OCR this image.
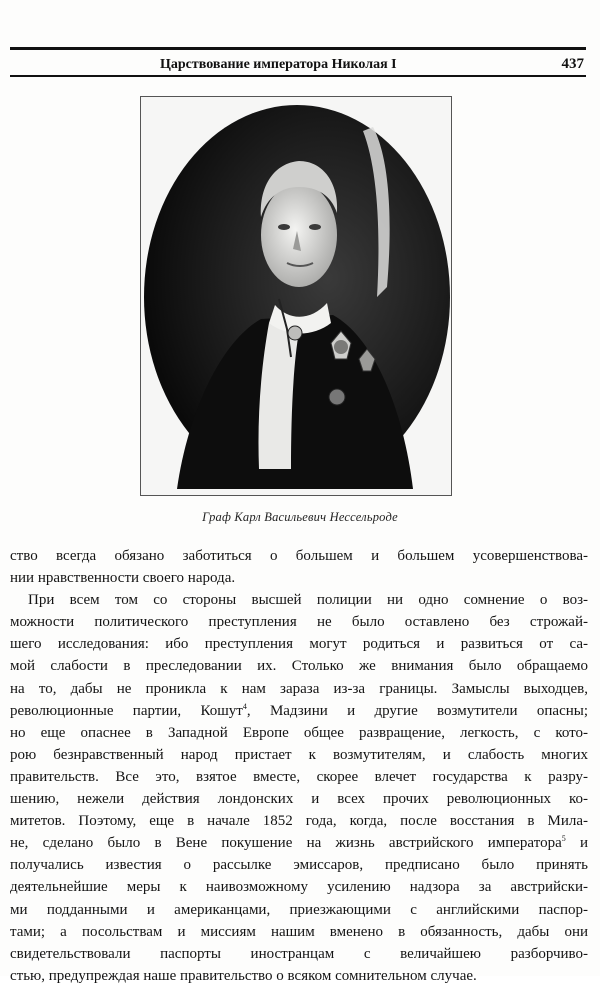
Царствование императора Николая I	437
Граф Карл Васильевич Нессельроде
ство всегда обязано заботиться о большем и большем усовершенствова-
нии нравственности своего народа.
При всем том со стороны высшей полиции ни одно сомнение о воз-
можности политического преступления не было оставлено без строжай-
шего исследования: ибо преступления могут родиться и развиться от са-
мой слабости в преследовании их. Столько же внимания было обращаемо
на то, дабы не проникла к нам зараза из-за границы. Замыслы выходцев,
революционные партии, Кошут$^4$, Мадзини и другие возмутители опасны;
но еще опаснее в Западной Европе общее развращение, легкость, с кото-
рою безнравственный народ пристает к возмутителям, и слабость многих
правительств. Все это, взятое вместе, скорее влечет государства к разру-
шению, нежели действия лондонских и всех прочих революционных ко-
митетов. Поэтому, еще в начале 1852 года, когда, после восстания в Мила-
не, сделано было в Вене покушение на жизнь австрийского императора$^5$ и
получались известия о рассылке эмиссаров, предписано было принять
деятельнейшие меры к наивозможному усилению надзора за австрийски-
ми подданными и американцами, приезжающими с английскими паспор-
тами; а посольствам и миссиям нашим вменено в обязанность, дабы они
свидетельствовали паспорты иностранцам с величайшею разборчиво-
стью, предупреждая наше правительство о всяком сомнительном случае.
